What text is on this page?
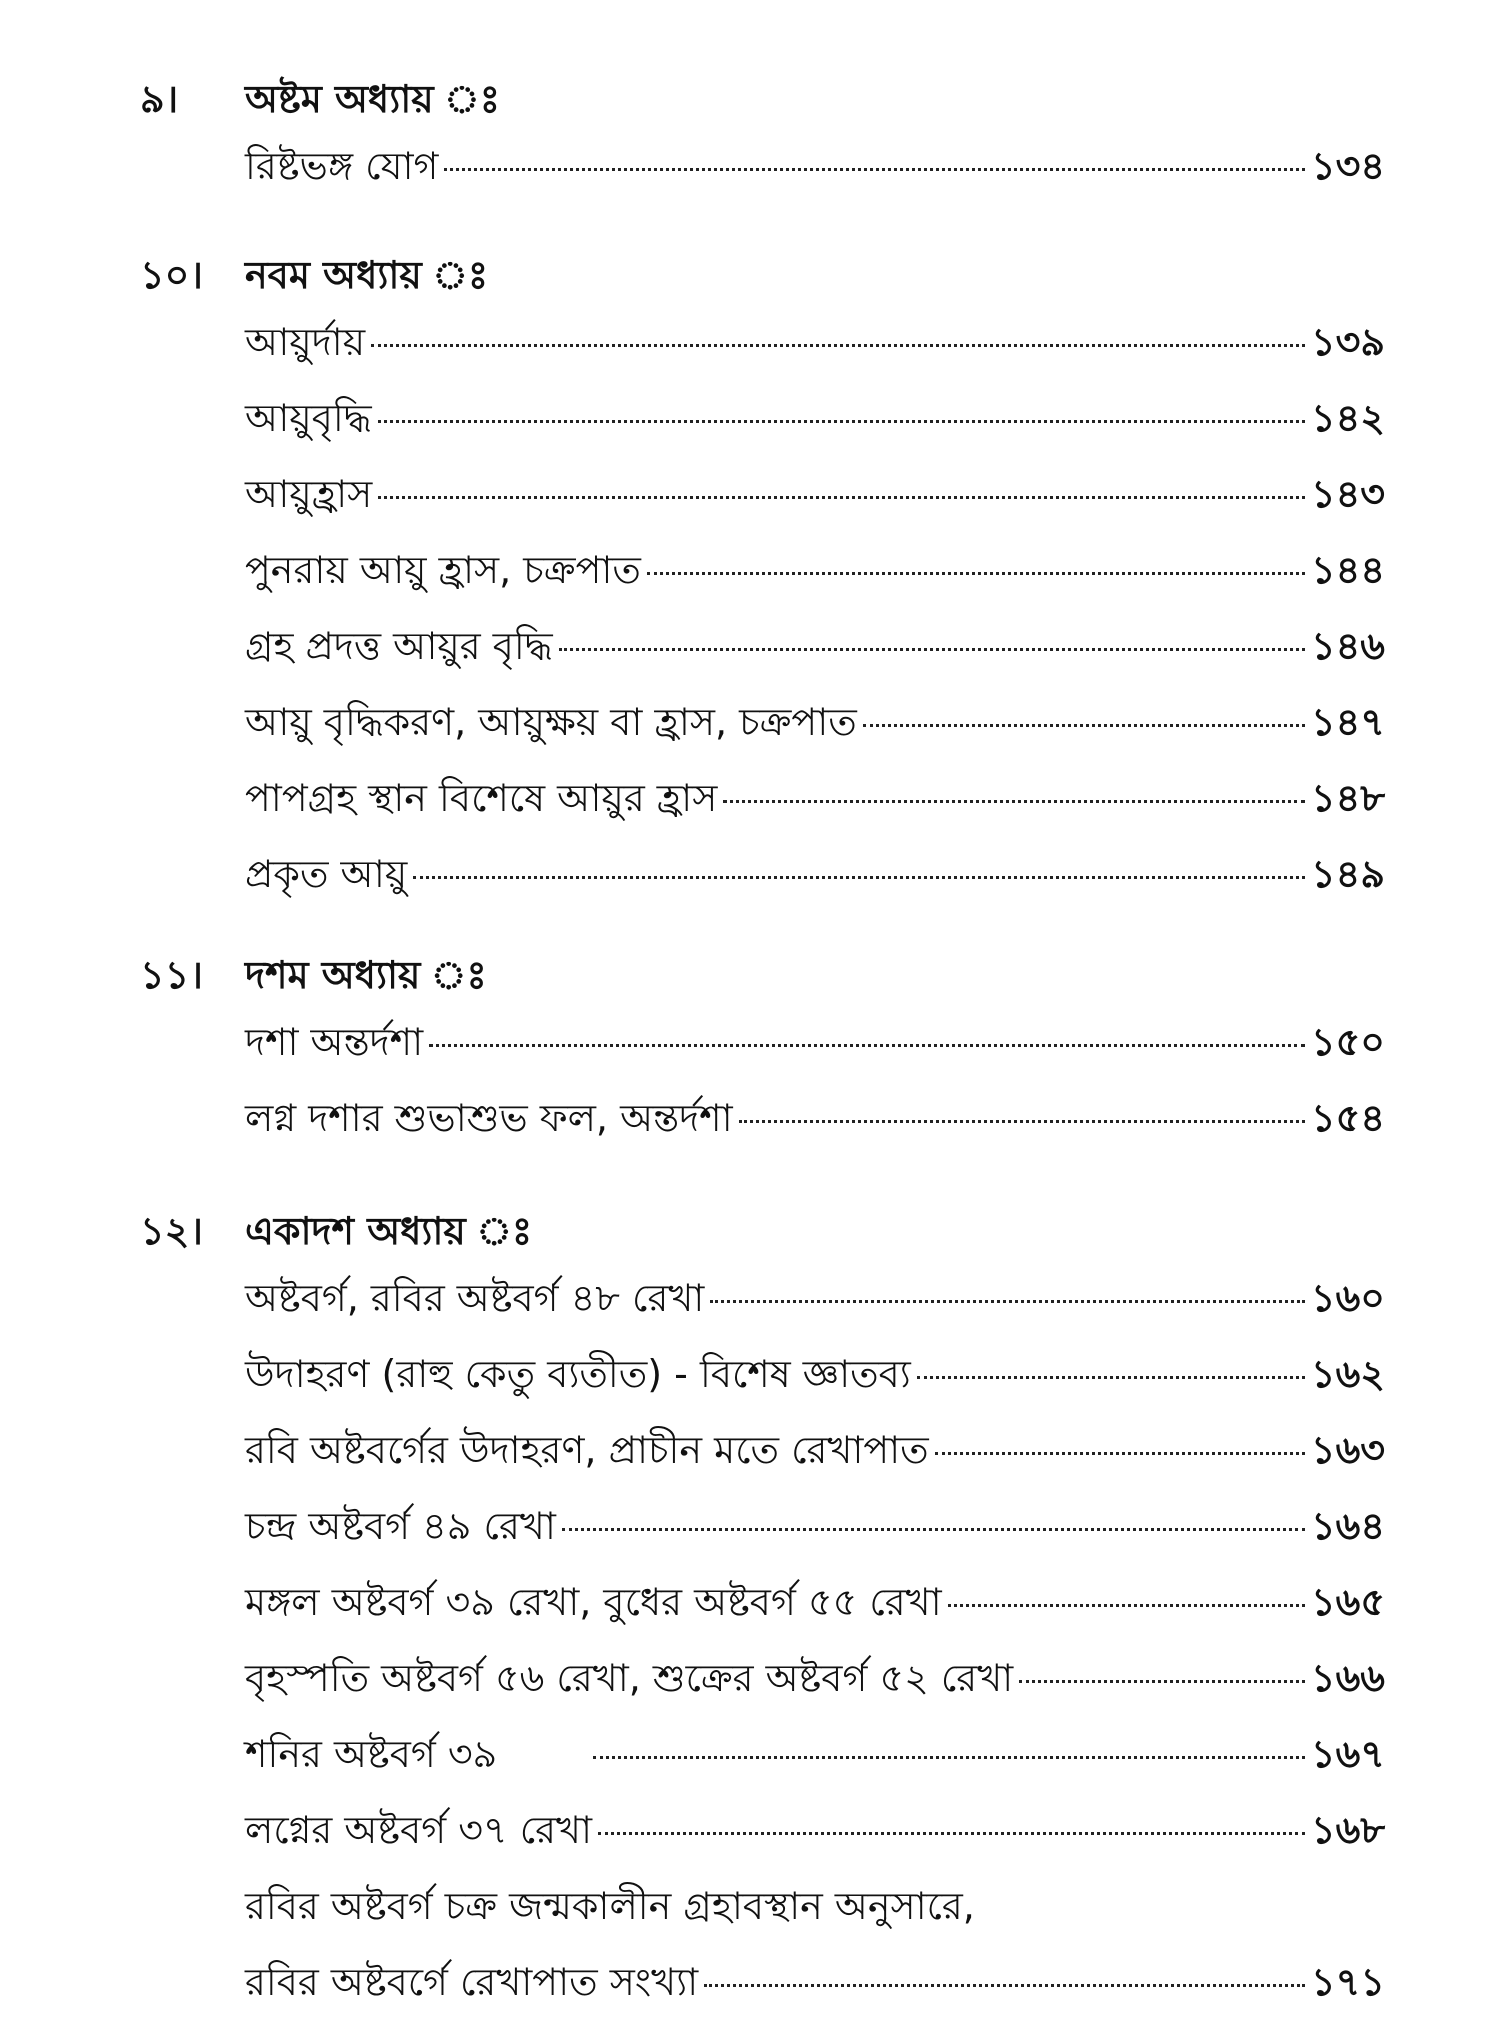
৯।	অষ্টম অধ্যায় ঃ
রিষ্টভঙ্গ যোগ	১৩৪
১০।	নবম অধ্যায় ঃ
আয়ুর্দায়	১৩৯
আয়ুবৃদ্ধি	১৪২
আয়ুহ্রাস	১৪৩
পুনরায় আয়ু হ্রাস, চক্রপাত	১৪৪
গ্রহ প্রদত্ত আয়ুর বৃদ্ধি	১৪৬
আয়ু বৃদ্ধিকরণ, আয়ুক্ষয় বা হ্রাস, চক্রপাত	১৪৭
পাপগ্রহ স্থান বিশেষে আয়ুর হ্রাস	১৪৮
প্রকৃত আয়ু	১৪৯
১১।	দশম অধ্যায় ঃ
দশা অন্তর্দশা	১৫০
লগ্ন দশার শুভাশুভ ফল, অন্তর্দশা	১৫৪
১২।	একাদশ অধ্যায় ঃ
অষ্টবর্গ, রবির অষ্টবর্গ ৪৮ রেখা	১৬০
উদাহরণ (রাহু কেতু ব্যতীত) - বিশেষ জ্ঞাতব্য	১৬২
রবি অষ্টবর্গের উদাহরণ, প্রাচীন মতে রেখাপাত	১৬৩
চন্দ্র অষ্টবর্গ ৪৯ রেখা	১৬৪
মঙ্গল অষ্টবর্গ ৩৯ রেখা, বুধের অষ্টবর্গ ৫৫ রেখা	১৬৫
বৃহস্পতি অষ্টবর্গ ৫৬ রেখা, শুক্রের অষ্টবর্গ ৫২ রেখা	১৬৬
শনির অষ্টবর্গ ৩৯	১৬৭
লগ্নের অষ্টবর্গ ৩৭ রেখা	১৬৮
রবির অষ্টবর্গ চক্র জন্মকালীন গ্রহাবস্থান অনুসারে,
রবির অষ্টবর্গে রেখাপাত সংখ্যা	১৭১
